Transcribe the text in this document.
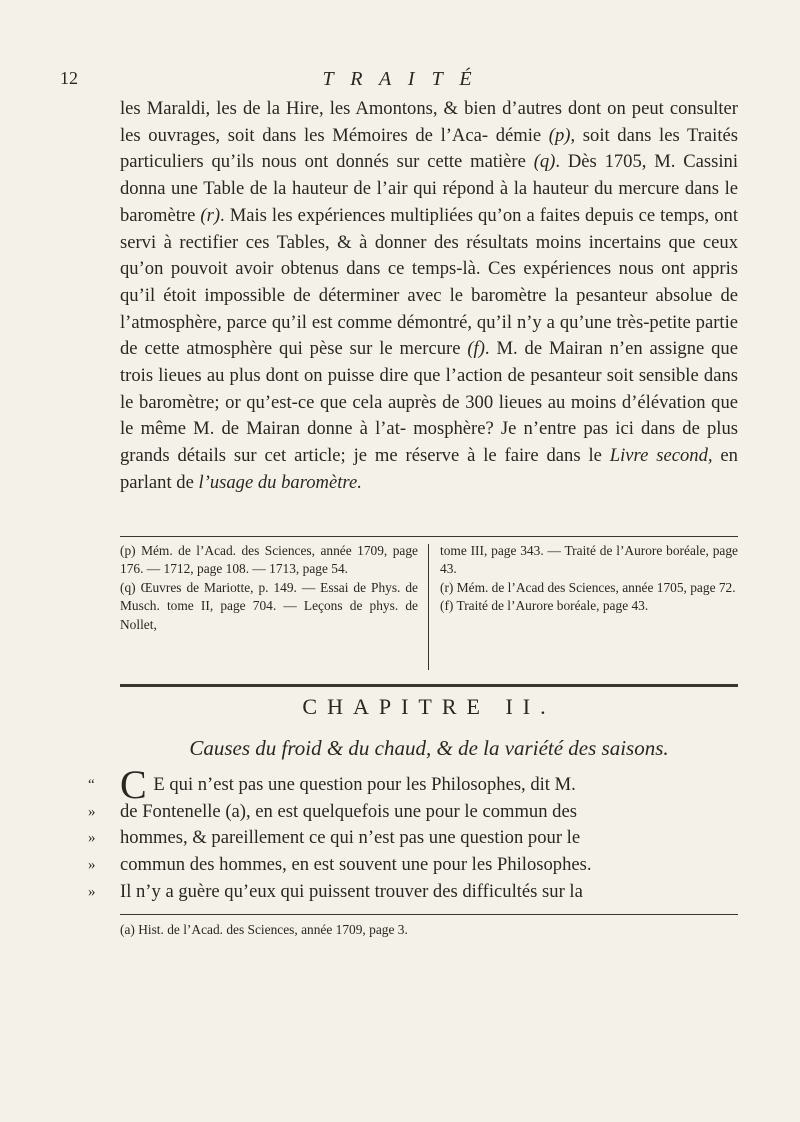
12	T R A I T É

les Maraldi, les de la Hire, les Amontons, & bien d’autres dont on peut consulter les ouvrages, soit dans les Mémoires de l’Aca- démie (p), soit dans les Traités particuliers qu’ils nous ont donnés sur cette matière (q). Dès 1705, M. Cassini donna une Table de la hauteur de l’air qui répond à la hauteur du mercure dans le baromètre (r). Mais les expériences multipliées qu’on a faites depuis ce temps, ont servi à rectifier ces Tables, & à donner des résultats moins incertains que ceux qu’on pouvoit avoir obtenus dans ce temps-là. Ces expériences nous ont appris qu’il étoit impossible de déterminer avec le baromètre la pesanteur absolue de l’atmosphère, parce qu’il est comme démontré, qu’il n’y a qu’une très-petite partie de cette atmosphère qui pèse sur le mercure (f). M. de Mairan n’en assigne que trois lieues au plus dont on puisse dire que l’action de pesanteur soit sensible dans le baromètre; or qu’est-ce que cela auprès de 300 lieues au moins d’élévation que le même M. de Mairan donne à l’at- mosphère? Je n’entre pas ici dans de plus grands détails sur cet article; je me réserve à le faire dans le Livre second, en parlant de l’usage du baromètre.

(p) Mém. de l’Acad. des Sciences, année 1709, page 176. — 1712, page 108. — 1713, page 54.

(q) Œuvres de Mariotte, p. 149. — Essai de Phys. de Musch. tome II, page 704. — Leçons de phys. de Nollet,

tome III, page 343. — Traité de l’Aurore boréale, page 43.

(r) Mém. de l’Acad des Sciences, année 1705, page 72.

(f) Traité de l’Aurore boréale, page 43.

CHAPITRE II.
Causes du froid & du chaud, & de la variété des saisons.
“ C E qui n’est pas une question pour les Philosophes, dit M.
» de Fontenelle (a), en est quelquefois une pour le commun des
» hommes, & pareillement ce qui n’est pas une question pour le
» commun des hommes, en est souvent une pour les Philosophes.
» Il n’y a guère qu’eux qui puissent trouver des difficultés sur la
(a) Hist. de l’Acad. des Sciences, année 1709, page 3.
